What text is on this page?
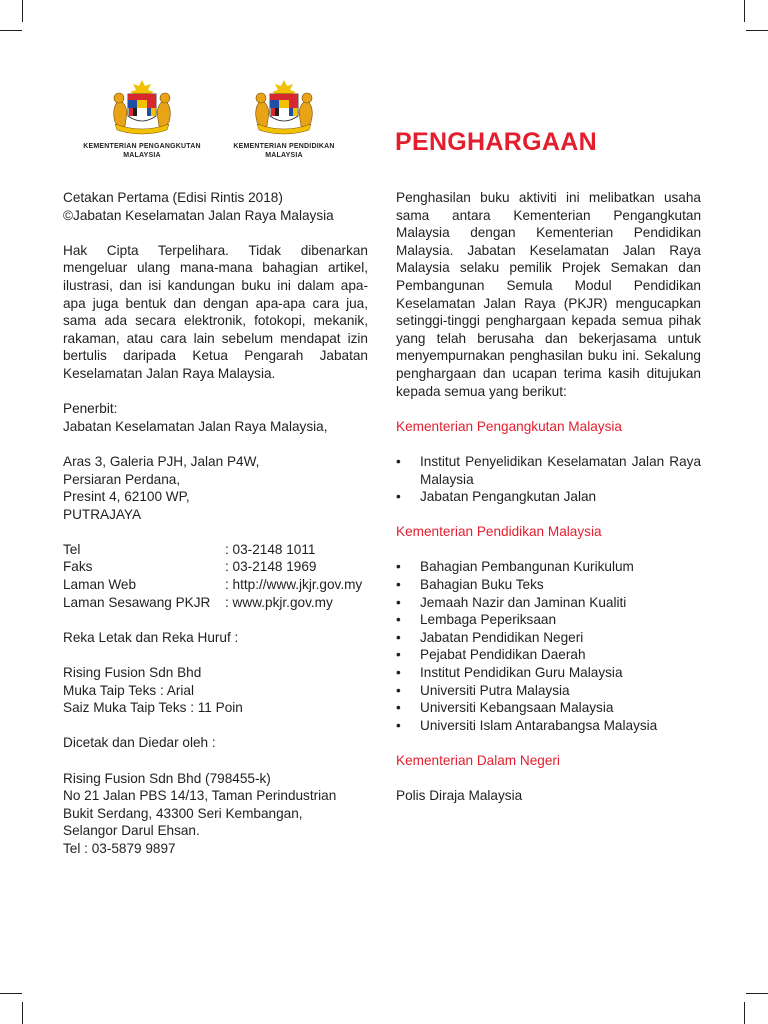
KEMENTERIAN PENGANGKUTAN
MALAYSIA
KEMENTERIAN PENDIDIKAN
MALAYSIA	PENGHARGAAN

Cetakan Pertama (Edisi Rintis 2018)

©Jabatan Keselamatan Jalan Raya Malaysia

Hak Cipta Terpelihara. Tidak dibenarkan mengeluar ulang mana-mana bahagian artikel, ilustrasi, dan isi kandungan buku ini dalam apa-apa juga bentuk dan dengan apa-apa cara jua, sama ada secara elektronik, fotokopi, mekanik, rakaman, atau cara lain sebelum mendapat izin bertulis daripada Ketua Pengarah Jabatan Keselamatan Jalan Raya Malaysia.

Penerbit:

Jabatan Keselamatan Jalan Raya Malaysia,

Aras 3, Galeria PJH, Jalan P4W,

Persiaran Perdana,

Presint 4, 62100 WP,

PUTRAJAYA

Tel	: 03-2148 1011
Faks	: 03-2148 1969
Laman Web	: http://www.jkjr.gov.my
Laman Sesawang PKJR	: www.pkjr.gov.my

Reka Letak dan Reka Huruf :

Rising Fusion Sdn Bhd

Muka Taip Teks : Arial

Saiz Muka Taip Teks : 11 Poin

Dicetak dan Diedar oleh :

Rising Fusion Sdn Bhd (798455-k)

No 21 Jalan PBS 14/13, Taman Perindustrian

Bukit Serdang, 43300 Seri Kembangan,

Selangor Darul Ehsan.

Tel : 03-5879 9897

Penghasilan buku aktiviti ini melibatkan usaha sama antara Kementerian Pengangkutan Malaysia dengan Kementerian Pendidikan Malaysia. Jabatan Keselamatan Jalan Raya Malaysia selaku pemilik Projek Semakan dan Pembangunan Semula Modul Pendidikan Keselamatan Jalan Raya (PKJR) mengucapkan setinggi-tinggi penghargaan kepada semua pihak yang telah berusaha dan bekerjasama untuk menyempurnakan penghasilan buku ini. Sekalung penghargaan dan ucapan terima kasih ditujukan kepada semua yang berikut:

Kementerian Pengangkutan Malaysia

• Institut Penyelidikan Keselamatan Jalan Raya Malaysia
• Jabatan Pengangkutan Jalan

Kementerian Pendidikan Malaysia

• Bahagian Pembangunan Kurikulum
• Bahagian Buku Teks
• Jemaah Nazir dan Jaminan Kualiti
• Lembaga Peperiksaan
• Jabatan Pendidikan Negeri
• Pejabat Pendidikan Daerah
• Institut Pendidikan Guru Malaysia
• Universiti Putra Malaysia
• Universiti Kebangsaan Malaysia
• Universiti Islam Antarabangsa Malaysia

Kementerian Dalam Negeri

Polis Diraja Malaysia
